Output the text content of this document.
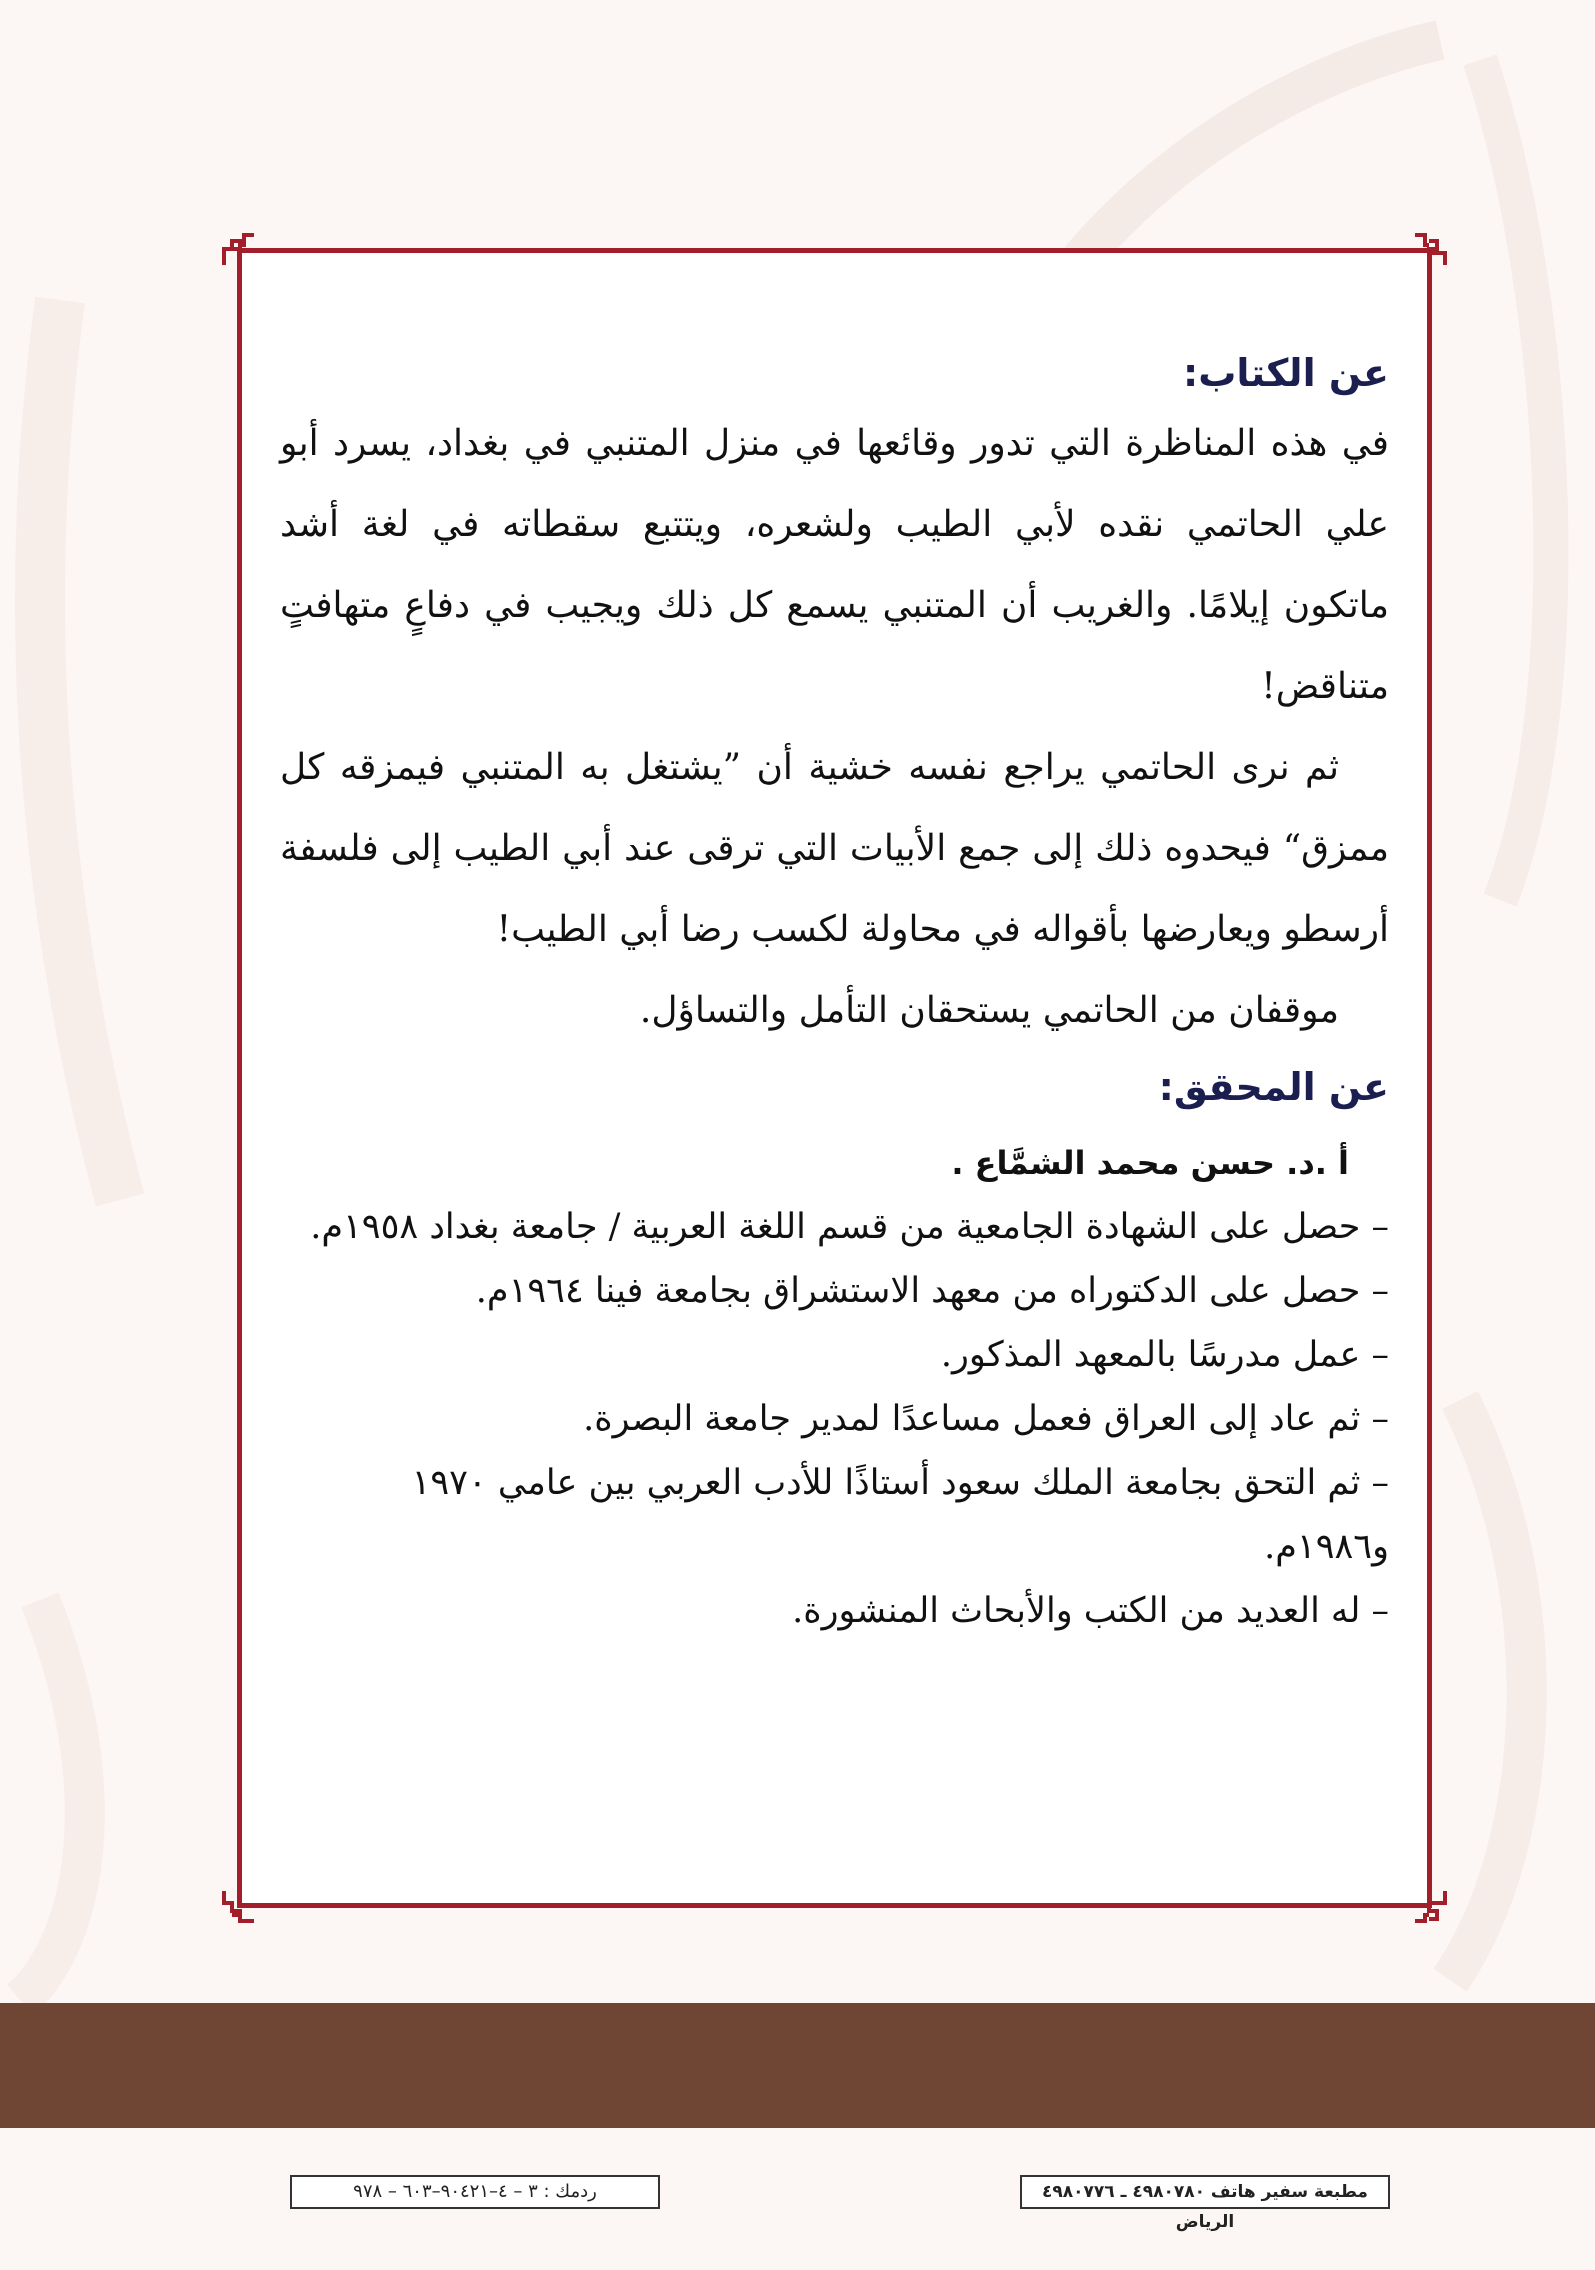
عن الكتاب:

في هذه المناظرة التي تدور وقائعها في منزل المتنبي في بغداد، يسرد أبو علي الحاتمي نقده لأبي الطيب ولشعره، ويتتبع سقطاته في لغة أشد ماتكون إيلامًا. والغريب أن المتنبي يسمع كل ذلك ويجيب في دفاعٍ متهافتٍ متناقض!

ثم نرى الحاتمي يراجع نفسه خشية أن ”يشتغل به المتنبي فيمزقه كل ممزق“ فيحدوه ذلك إلى جمع الأبيات التي ترقى عند أبي الطيب إلى فلسفة أرسطو ويعارضها بأقواله في محاولة لكسب رضا أبي الطيب!

موقفان من الحاتمي يستحقان التأمل والتساؤل.

عن المحقق:

أ .د. حسن محمد الشمَّاع .

– حصل على الشهادة الجامعية من قسم اللغة العربية / جامعة بغداد ١٩٥٨م.
– حصل على الدكتوراه من معهد الاستشراق بجامعة فينا ١٩٦٤م.
– عمل مدرسًا بالمعهد المذكور.
– ثم عاد إلى العراق فعمل مساعدًا لمدير جامعة البصرة.
– ثم التحق بجامعة الملك سعود أستاذًا للأدب العربي بين عامي ١٩٧٠ و١٩٨٦م.
– له العديد من الكتب والأبحاث المنشورة.
مطبعة سفير هاتف ٤٩٨٠٧٨٠ ـ ٤٩٨٠٧٧٦ الرياض
ردمك : ٣ – ٤–٩٠٤٢١–٦٠٣ – ٩٧٨
